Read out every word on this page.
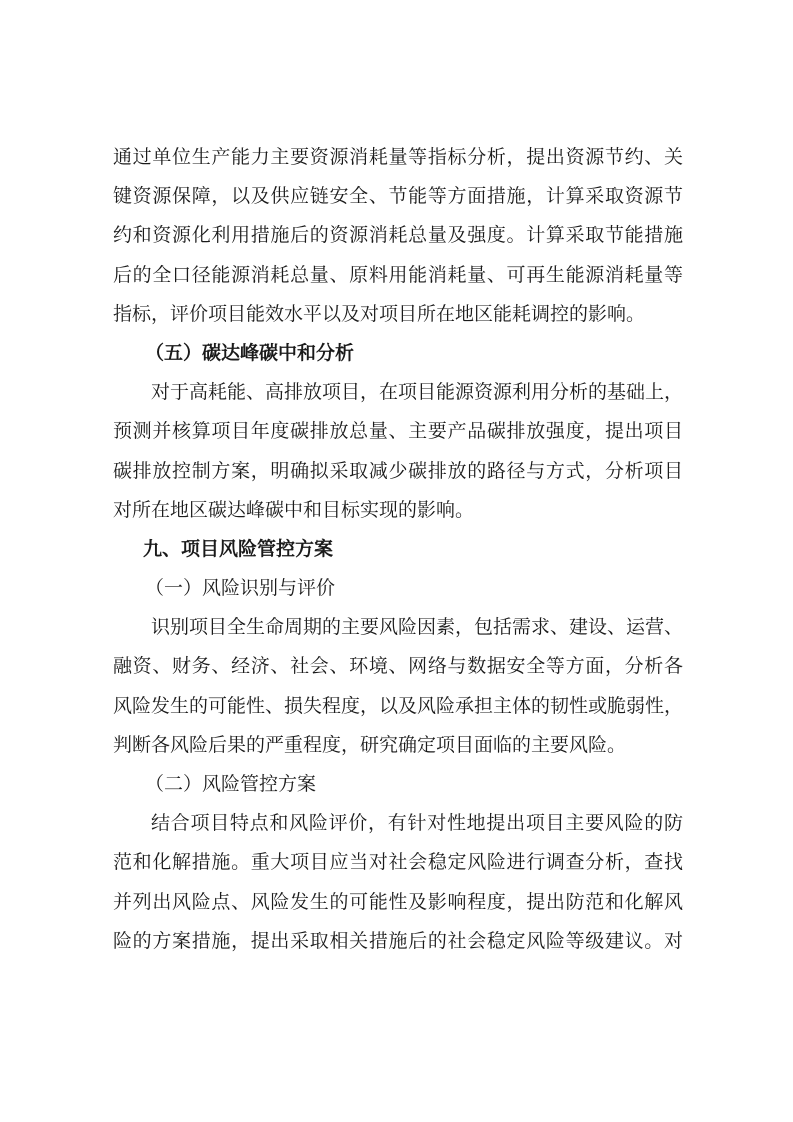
通过单位生产能力主要资源消耗量等指标分析，提出资源节约、关
键资源保障，以及供应链安全、节能等方面措施，计算采取资源节
约和资源化利用措施后的资源消耗总量及强度。计算采取节能措施
后的全口径能源消耗总量、原料用能消耗量、可再生能源消耗量等
指标，评价项目能效水平以及对项目所在地区能耗调控的影响。
（五）碳达峰碳中和分析
对于高耗能、高排放项目，在项目能源资源利用分析的基础上，
预测并核算项目年度碳排放总量、主要产品碳排放强度，提出项目
碳排放控制方案，明确拟采取减少碳排放的路径与方式，分析项目
对所在地区碳达峰碳中和目标实现的影响。
九、项目风险管控方案
（一）风险识别与评价
识别项目全生命周期的主要风险因素，包括需求、建设、运营、
融资、财务、经济、社会、环境、网络与数据安全等方面，分析各
风险发生的可能性、损失程度，以及风险承担主体的韧性或脆弱性，
判断各风险后果的严重程度，研究确定项目面临的主要风险。
（二）风险管控方案
结合项目特点和风险评价，有针对性地提出项目主要风险的防
范和化解措施。重大项目应当对社会稳定风险进行调查分析，查找
并列出风险点、风险发生的可能性及影响程度，提出防范和化解风
险的方案措施，提出采取相关措施后的社会稳定风险等级建议。对
